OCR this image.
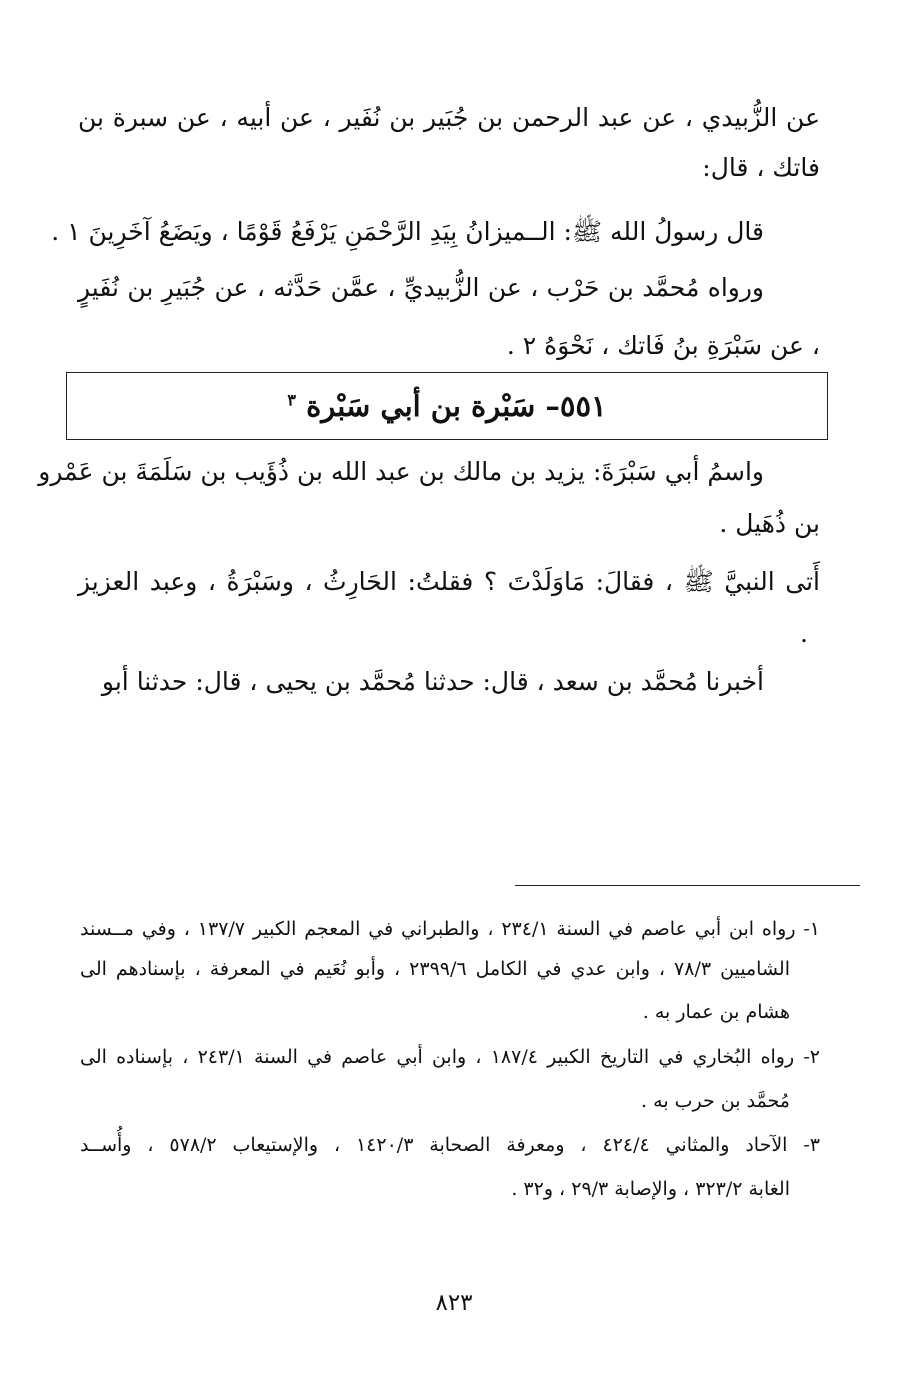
عن الزُّبيدي ، عن عبد الرحمن بن جُبَير بن نُفَير ، عن أبيه ، عن سبرة بن
فاتك ، قال:
قال رسولُ الله ﷺ: الــميزانُ بِيَدِ الرَّحْمَنِ يَرْفَعُ قَوْمًا ، ويَضَعُ آخَرِينَ ١ .
ورواه مُحمَّد بن حَرْب ، عن الزُّبيديِّ ، عمَّن حَدَّثه ، عن جُبَيرِ بن نُفَيرٍ
، عن سَبْرَةِ بنُ فَاتك ، نَحْوَهُ ٢ .
٥٥١– سَبْرة بن أبي سَبْرة $^٣$
واسمُ أبي سَبْرَةَ: يزيد بن مالك بن عبد الله بن ذُؤَيب بن سَلَمَةَ بن عَمْرو
بن ذُهَيل .
أَتى النبيَّ ﷺ ، فقالَ: مَاوَلَدْتَ ؟ فقلتُ: الحَارِثُ ، وسَبْرَةُ ، وعبد العزيز
.
أخبرنا مُحمَّد بن سعد ، قال: حدثنا مُحمَّد بن يحيى ، قال: حدثنا أبو
١- رواه ابن أبي عاصم في السنة ٢٣٤/١ ، والطبراني في المعجم الكبير ١٣٧/٧ ، وفي مــسند
الشاميين ٧٨/٣ ، وابن عدي في الكامل ٢٣٩٩/٦ ، وأبو نُعَيم في المعرفة ، بإسنادهم الى
هشام بن عمار به .
٢- رواه البُخاري في التاريخ الكبير ١٨٧/٤ ، وابن أبي عاصم في السنة ٢٤٣/١ ، بإسناده الى
مُحمَّد بن حرب به .
٣- الآحاد والمثاني ٤٢٤/٤ ، ومعرفة الصحابة ١٤٢٠/٣ ، والإستيعاب ٥٧٨/٢ ، وأُســد
الغابة ٣٢٣/٢ ، والإصابة ٢٩/٣ ، و٣٢ .
٨٢٣
